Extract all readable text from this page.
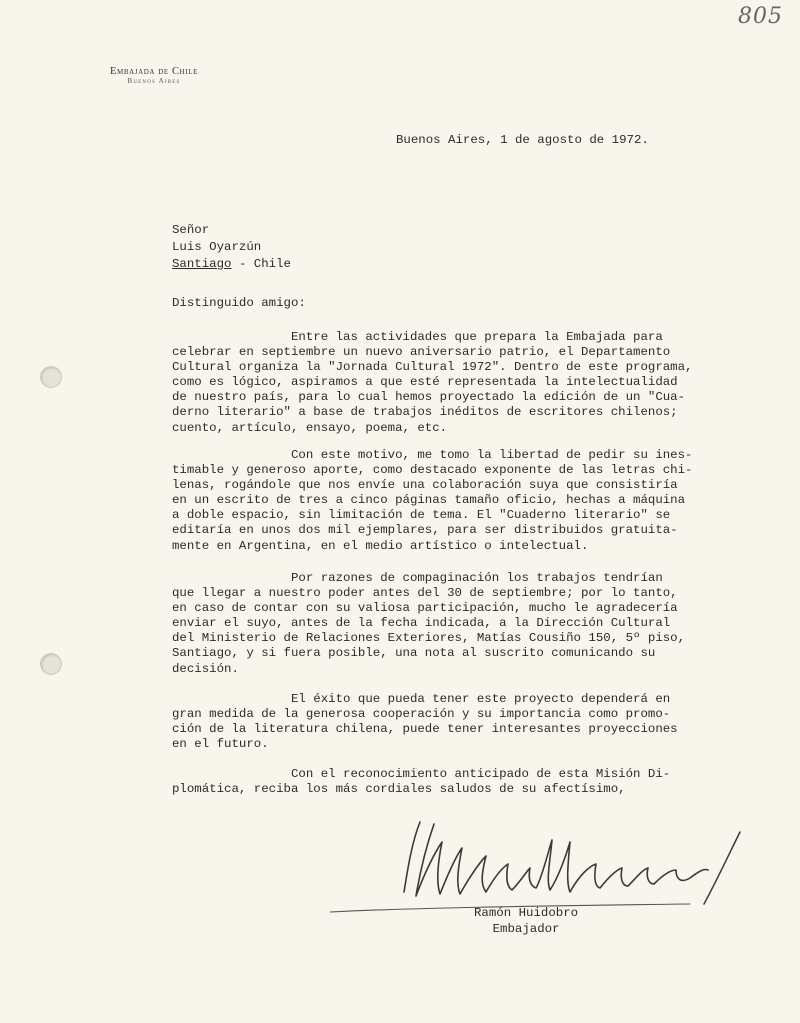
805
Embajada de Chile
Buenos Aires
Buenos Aires, 1 de agosto de 1972.
Señor
Luis Oyarzún
Santiago - Chile
Distinguido amigo:
Entre las actividades que prepara la Embajada para
celebrar en septiembre un nuevo aniversario patrio, el Departamento
Cultural organiza la "Jornada Cultural 1972". Dentro de este programa,
como es lógico, aspiramos a que esté representada la intelectualidad
de nuestro país, para lo cual hemos proyectado la edición de un "Cua-
derno literario" a base de trabajos inéditos de escritores chilenos;
cuento, artículo, ensayo, poema, etc.
Con este motivo, me tomo la libertad de pedir su ines-
timable y generoso aporte, como destacado exponente de las letras chi-
lenas, rogándole que nos envíe una colaboración suya que consistiría
en un escrito de tres a cinco páginas tamaño oficio, hechas a máquina
a doble espacio, sin limitación de tema. El "Cuaderno literario" se
editaría en unos dos mil ejemplares, para ser distribuidos gratuita-
mente en Argentina, en el medio artístico o intelectual.
Por razones de compaginación los trabajos tendrían
que llegar a nuestro poder antes del 30 de septiembre; por lo tanto,
en caso de contar con su valiosa participación, mucho le agradecería
enviar el suyo, antes de la fecha indicada, a la Dirección Cultural
del Ministerio de Relaciones Exteriores, Matías Cousiño 150, 5º piso,
Santiago, y si fuera posible, una nota al suscrito comunicando su
decisión.
El éxito que pueda tener este proyecto dependerá en
gran medida de la generosa cooperación y su importancia como promo-
ción de la literatura chilena, puede tener interesantes proyecciones
en el futuro.
Con el reconocimiento anticipado de esta Misión Di-
plomática, reciba los más cordiales saludos de su afectísimo,
Ramón Huidobro
Embajador
